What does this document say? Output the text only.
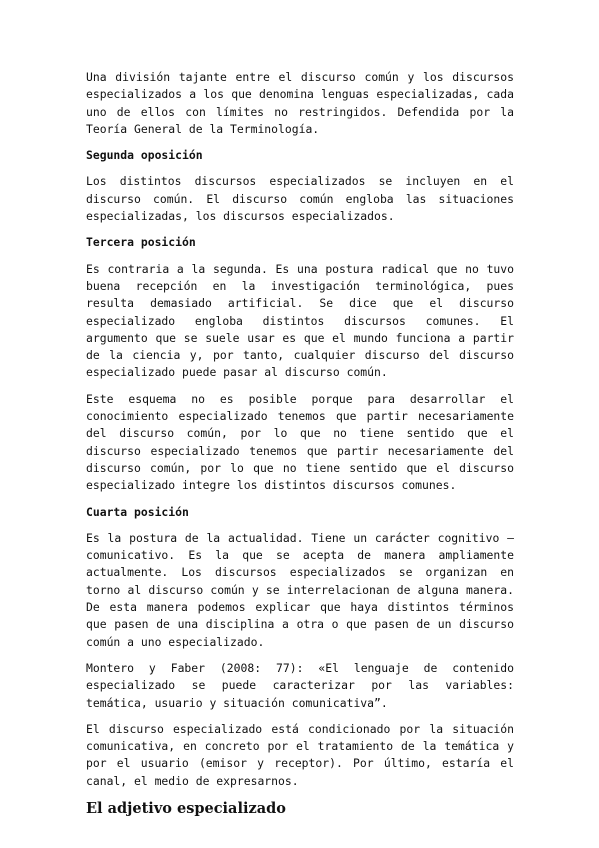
Una división tajante entre el discurso común y los discursos especializados a los que denomina lenguas especializadas, cada uno de ellos con límites no restringidos. Defendida por la Teoría General de la Terminología.

Segunda oposición

Los distintos discursos especializados se incluyen en el discurso común. El discurso común engloba las situaciones especializadas, los discursos especializados.

Tercera posición

Es contraria a la segunda. Es una postura radical que no tuvo buena recepción en la investigación terminológica, pues resulta demasiado artificial. Se dice que el discurso especializado engloba distintos discursos comunes. El argumento que se suele usar es que el mundo funciona a partir de la ciencia y, por tanto, cualquier discurso del discurso especializado puede pasar al discurso común.

Este esquema no es posible porque para desarrollar el conocimiento especializado tenemos que partir necesariamente del discurso común, por lo que no tiene sentido que el discurso especializado tenemos que partir necesariamente del discurso común, por lo que no tiene sentido que el discurso especializado integre los distintos discursos comunes.

Cuarta posición

Es la postura de la actualidad. Tiene un carácter cognitivo – comunicativo. Es la que se acepta de manera ampliamente actualmente. Los discursos especializados se organizan en torno al discurso común y se interrelacionan de alguna manera. De esta manera podemos explicar que haya distintos términos que pasen de una disciplina a otra o que pasen de un discurso común a uno especializado.

Montero y Faber (2008: 77): «El lenguaje de contenido especializado se puede caracterizar por las variables: temática, usuario y situación comunicativa”.

El discurso especializado está condicionado por la situación comunicativa, en concreto por el tratamiento de la temática y por el usuario (emisor y receptor). Por último, estaría el canal, el medio de expresarnos.

El adjetivo especializado
